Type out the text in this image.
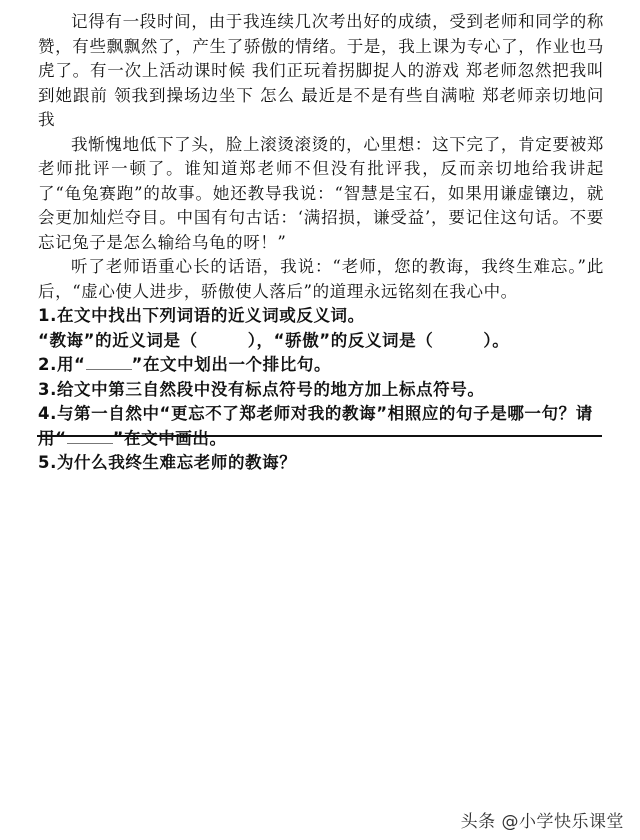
记得有一段时间，由于我连续几次考出好的成绩，受到老师和同学的称赞，有些飘飘然了，产生了骄傲的情绪。于是，我上课为专心了，作业也马虎了。有一次上活动课时候 我们正玩着拐脚捉人的游戏 郑老师忽然把我叫到她跟前 领我到操场边坐下 怎么 最近是不是有些自满啦 郑老师亲切地问我

我惭愧地低下了头，脸上滚烫滚烫的，心里想：这下完了，肯定要被郑老师批评一顿了。谁知道郑老师不但没有批评我，反而亲切地给我讲起了“龟兔赛跑”的故事。她还教导我说：“智慧是宝石，如果用谦虚镶边，就会更加灿烂夺目。中国有句古话：‘满招损，谦受益’，要记住这句话。不要忘记兔子是怎么输给乌龟的呀！”

听了老师语重心长的话语，我说：“老师，您的教诲，我终生难忘。”此后，“虚心使人进步，骄傲使人落后”的道理永远铭刻在我心中。

1.在文中找出下列词语的近义词或反义词。

“教诲”的近义词是（	），“骄傲”的反义词是（	）。

2.用“	”在文中划出一个排比句。

3.给文中第三自然段中没有标点符号的地方加上标点符号。

4.与第一自然中“更忘不了郑老师对我的教诲”相照应的句子是哪一句？请用“	”在文中画出。

5.为什么我终生难忘老师的教诲？

头条 @小学快乐课堂
